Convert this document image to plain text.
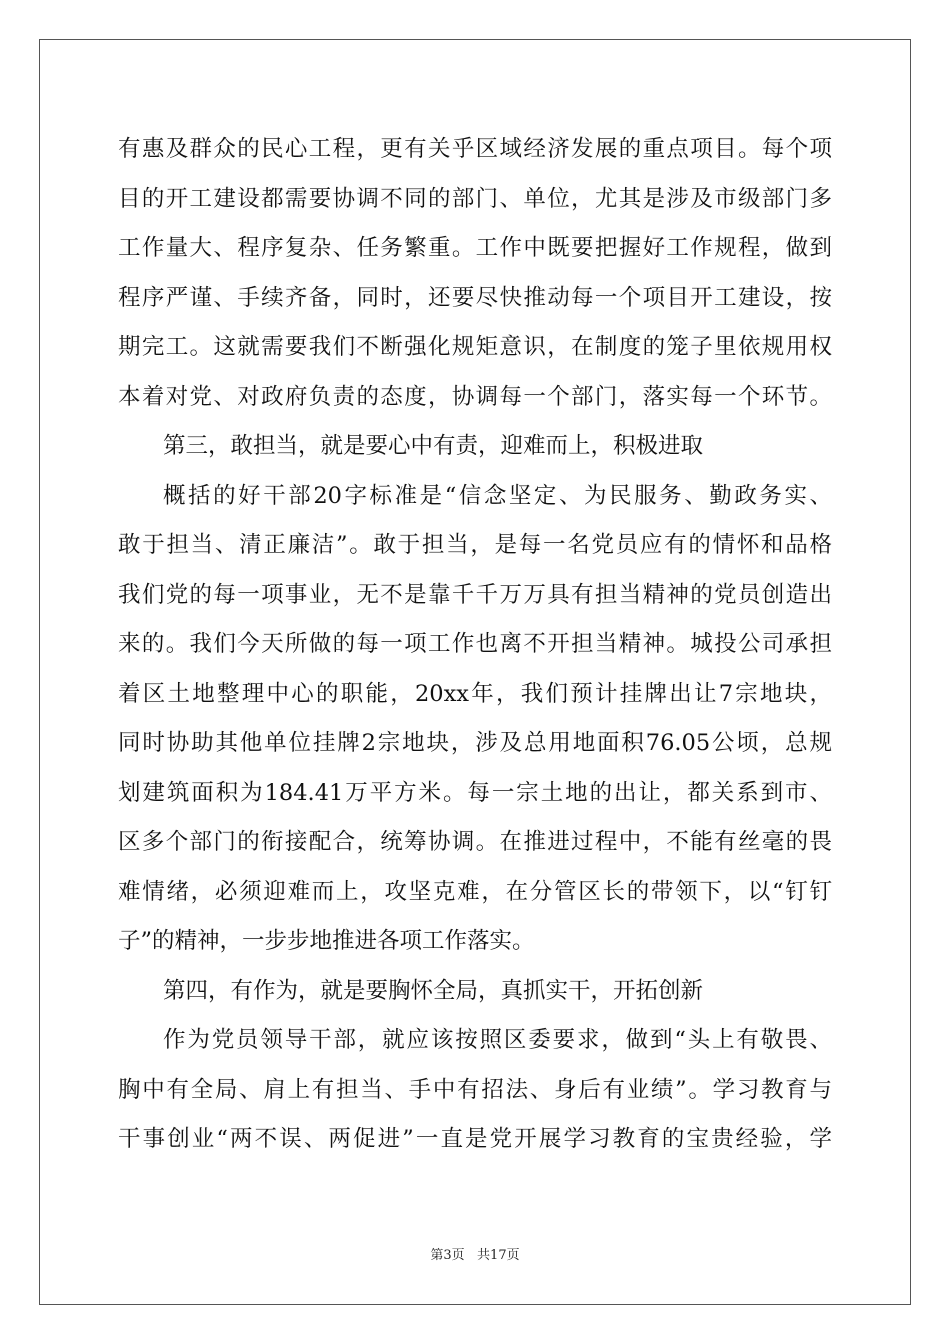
有惠及群众的民心工程，更有关乎区域经济发展的重点项目。每个项
目的开工建设都需要协调不同的部门、单位，尤其是涉及市级部门多
工作量大、程序复杂、任务繁重。工作中既要把握好工作规程，做到
程序严谨、手续齐备，同时，还要尽快推动每一个项目开工建设，按
期完工。这就需要我们不断强化规矩意识，在制度的笼子里依规用权
本着对党、对政府负责的态度，协调每一个部门，落实每一个环节。
第三，敢担当，就是要心中有责，迎难而上，积极进取
概括的好干部20字标准是“信念坚定、为民服务、勤政务实、
敢于担当、清正廉洁”。敢于担当，是每一名党员应有的情怀和品格
我们党的每一项事业，无不是靠千千万万具有担当精神的党员创造出
来的。我们今天所做的每一项工作也离不开担当精神。城投公司承担
着区土地整理中心的职能，20xx年，我们预计挂牌出让7宗地块，
同时协助其他单位挂牌2宗地块，涉及总用地面积76.05公顷，总规
划建筑面积为184.41万平方米。每一宗土地的出让，都关系到市、
区多个部门的衔接配合，统筹协调。在推进过程中，不能有丝毫的畏
难情绪，必须迎难而上，攻坚克难，在分管区长的带领下，以“钉钉
子”的精神，一步步地推进各项工作落实。
第四，有作为，就是要胸怀全局，真抓实干，开拓创新
作为党员领导干部，就应该按照区委要求，做到“头上有敬畏、
胸中有全局、肩上有担当、手中有招法、身后有业绩”。学习教育与
干事创业“两不误、两促进”一直是党开展学习教育的宝贵经验，学
第3页   共17页
